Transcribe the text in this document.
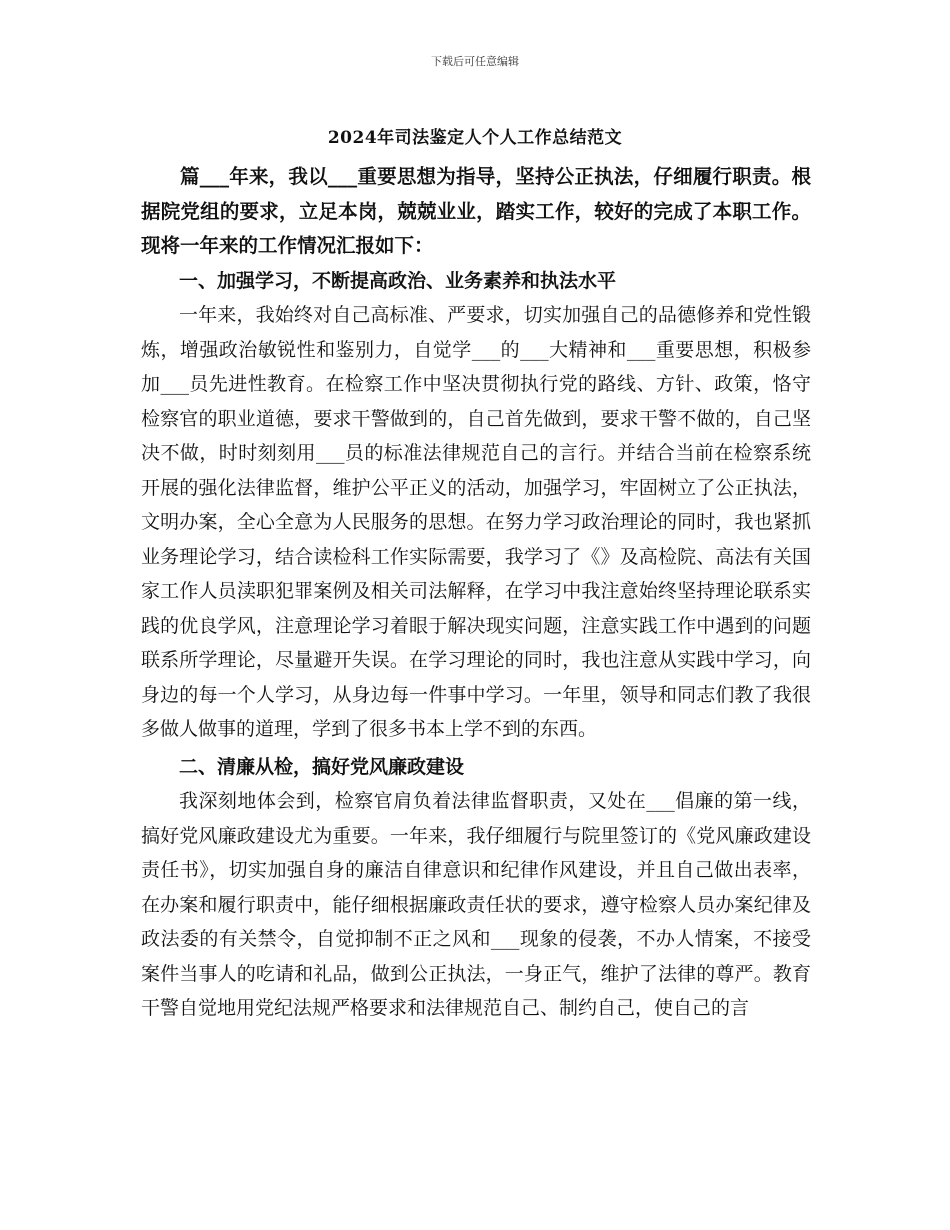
下载后可任意编辑
2024年司法鉴定人个人工作总结范文

篇___年来，我以___重要思想为指导，坚持公正执法，仔细履行职责。根据院党组的要求，立足本岗，兢兢业业，踏实工作，较好的完成了本职工作。现将一年来的工作情况汇报如下：

一、加强学习，不断提高政治、业务素养和执法水平

一年来，我始终对自己高标准、严要求，切实加强自己的品德修养和党性锻炼，增强政治敏锐性和鉴别力，自觉学___的___大精神和___重要思想，积极参加___员先进性教育。在检察工作中坚决贯彻执行党的路线、方针、政策，恪守检察官的职业道德，要求干警做到的，自己首先做到，要求干警不做的，自己坚决不做，时时刻刻用___员的标准法律规范自己的言行。并结合当前在检察系统开展的强化法律监督，维护公平正义的活动，加强学习，牢固树立了公正执法，文明办案，全心全意为人民服务的思想。在努力学习政治理论的同时，我也紧抓业务理论学习，结合读检科工作实际需要，我学习了《》及高检院、高法有关国家工作人员渎职犯罪案例及相关司法解释，在学习中我注意始终坚持理论联系实践的优良学风，注意理论学习着眼于解决现实问题，注意实践工作中遇到的问题联系所学理论，尽量避开失误。在学习理论的同时，我也注意从实践中学习，向身边的每一个人学习，从身边每一件事中学习。一年里，领导和同志们教了我很多做人做事的道理，学到了很多书本上学不到的东西。

二、清廉从检，搞好党风廉政建设

我深刻地体会到，检察官肩负着法律监督职责，又处在___倡廉的第一线，搞好党风廉政建设尤为重要。一年来，我仔细履行与院里签订的《党风廉政建设责任书》，切实加强自身的廉洁自律意识和纪律作风建设，并且自己做出表率，在办案和履行职责中，能仔细根据廉政责任状的要求，遵守检察人员办案纪律及政法委的有关禁令，自觉抑制不正之风和___现象的侵袭，不办人情案，不接受案件当事人的吃请和礼品，做到公正执法，一身正气，维护了法律的尊严。教育干警自觉地用党纪法规严格要求和法律规范自己、制约自己，使自己的言
